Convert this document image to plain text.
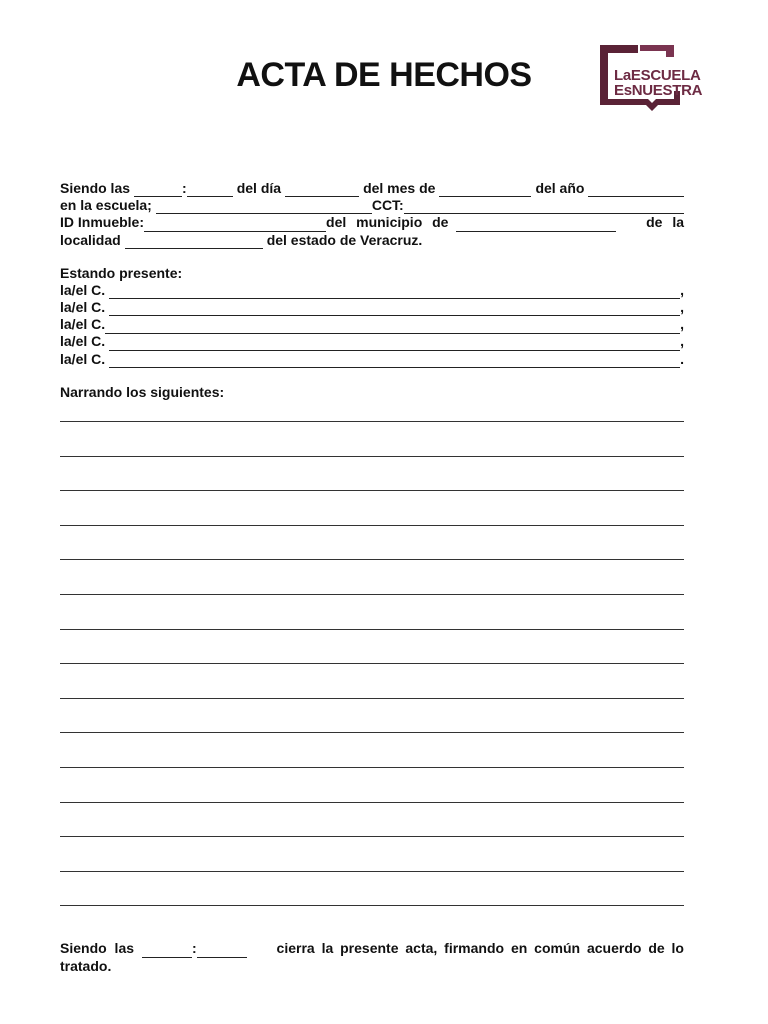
ACTA DE HECHOS	LaESCUELA
EsNUESTRA
Siendo las	:	del día	del mes de	del año
en la escuela;	CCT:
ID Inmueble:	del municipio de	de la
localidad	del estado de Veracruz.
Estando presente:
la/el C.	,
la/el C.	,
la/el C.	,
la/el C.	,
la/el C.	.
Narrando los siguientes:
Siendo las	:	cierra la presente acta, firmando en común acuerdo de lo
tratado.
